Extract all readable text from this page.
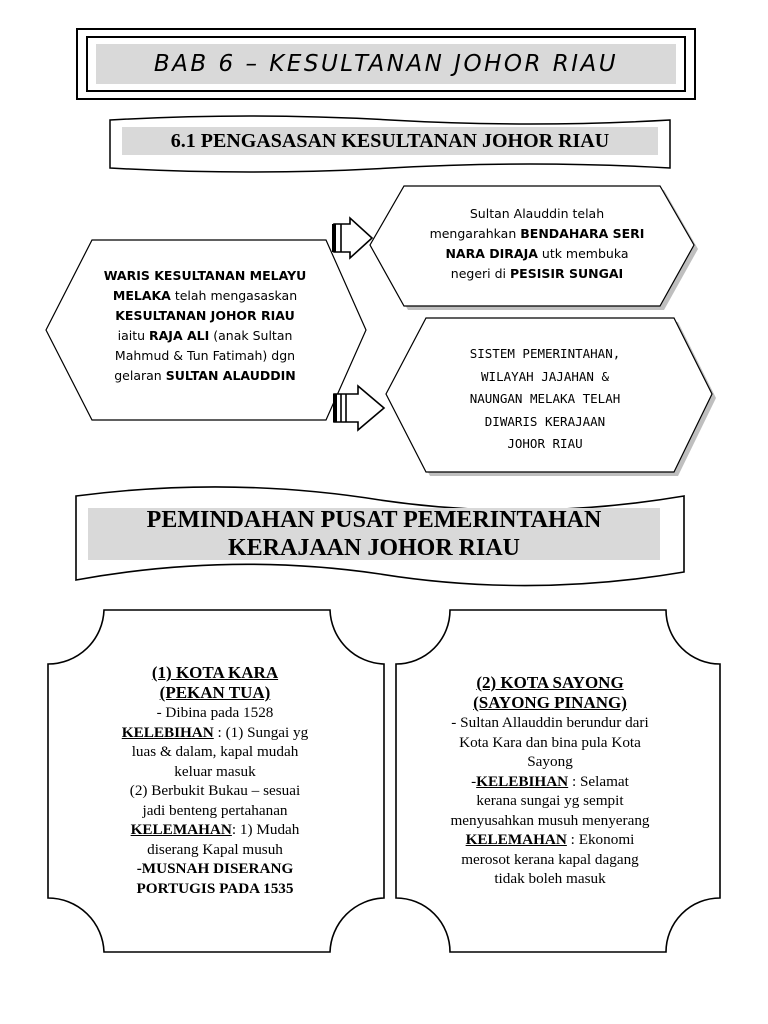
BAB 6 – KESULTANAN JOHOR RIAU
6.1 PENGASASAN KESULTANAN JOHOR RIAU
WARIS KESULTANAN MELAYU
MELAKA telah mengasaskan
KESULTANAN JOHOR RIAU
iaitu RAJA ALI (anak Sultan
Mahmud & Tun Fatimah) dgn
gelaran SULTAN ALAUDDIN
Sultan Alauddin telah
mengarahkan BENDAHARA SERI
NARA DIRAJA utk membuka
negeri di PESISIR SUNGAI
SISTEM PEMERINTAHAN,
WILAYAH JAJAHAN &
NAUNGAN MELAKA TELAH
DIWARIS KERAJAAN
JOHOR RIAU
PEMINDAHAN PUSAT PEMERINTAHAN
KERAJAAN JOHOR RIAU
(1) KOTA KARA
(PEKAN TUA)
- Dibina pada 1528
KELEBIHAN : (1) Sungai yg
luas & dalam, kapal mudah
keluar masuk
(2) Berbukit Bukau – sesuai
jadi benteng pertahanan
KELEMAHAN: 1) Mudah
diserang Kapal musuh
-MUSNAH DISERANG
PORTUGIS PADA 1535
(2) KOTA SAYONG
(SAYONG PINANG)
- Sultan Allauddin berundur dari
Kota Kara dan bina pula Kota
Sayong
-KELEBIHAN : Selamat
kerana sungai yg sempit
menyusahkan musuh menyerang
KELEMAHAN : Ekonomi
merosot kerana kapal dagang
tidak boleh masuk
